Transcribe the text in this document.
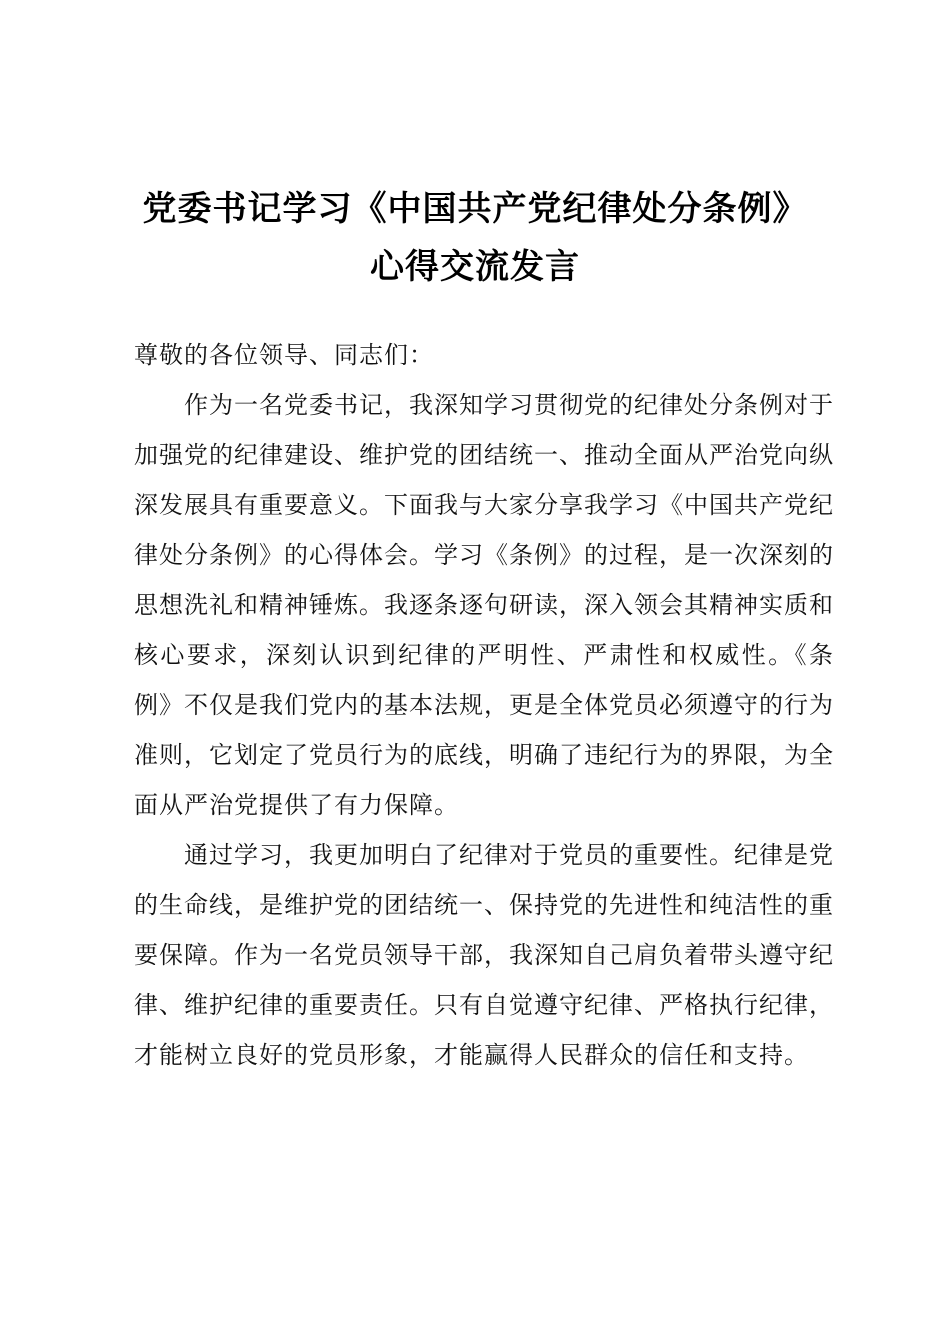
党委书记学习《中国共产党纪律处分条例》
心得交流发言
尊敬的各位领导、同志们：

作为一名党委书记，我深知学习贯彻党的纪律处分条例对于加强党的纪律建设、维护党的团结统一、推动全面从严治党向纵深发展具有重要意义。下面我与大家分享我学习《中国共产党纪律处分条例》的心得体会。学习《条例》的过程，是一次深刻的思想洗礼和精神锤炼。我逐条逐句研读，深入领会其精神实质和核心要求，深刻认识到纪律的严明性、严肃性和权威性。《条例》不仅是我们党内的基本法规，更是全体党员必须遵守的行为准则，它划定了党员行为的底线，明确了违纪行为的界限，为全面从严治党提供了有力保障。

通过学习，我更加明白了纪律对于党员的重要性。纪律是党的生命线，是维护党的团结统一、保持党的先进性和纯洁性的重要保障。作为一名党员领导干部，我深知自己肩负着带头遵守纪律、维护纪律的重要责任。只有自觉遵守纪律、严格执行纪律，才能树立良好的党员形象，才能赢得人民群众的信任和支持。
